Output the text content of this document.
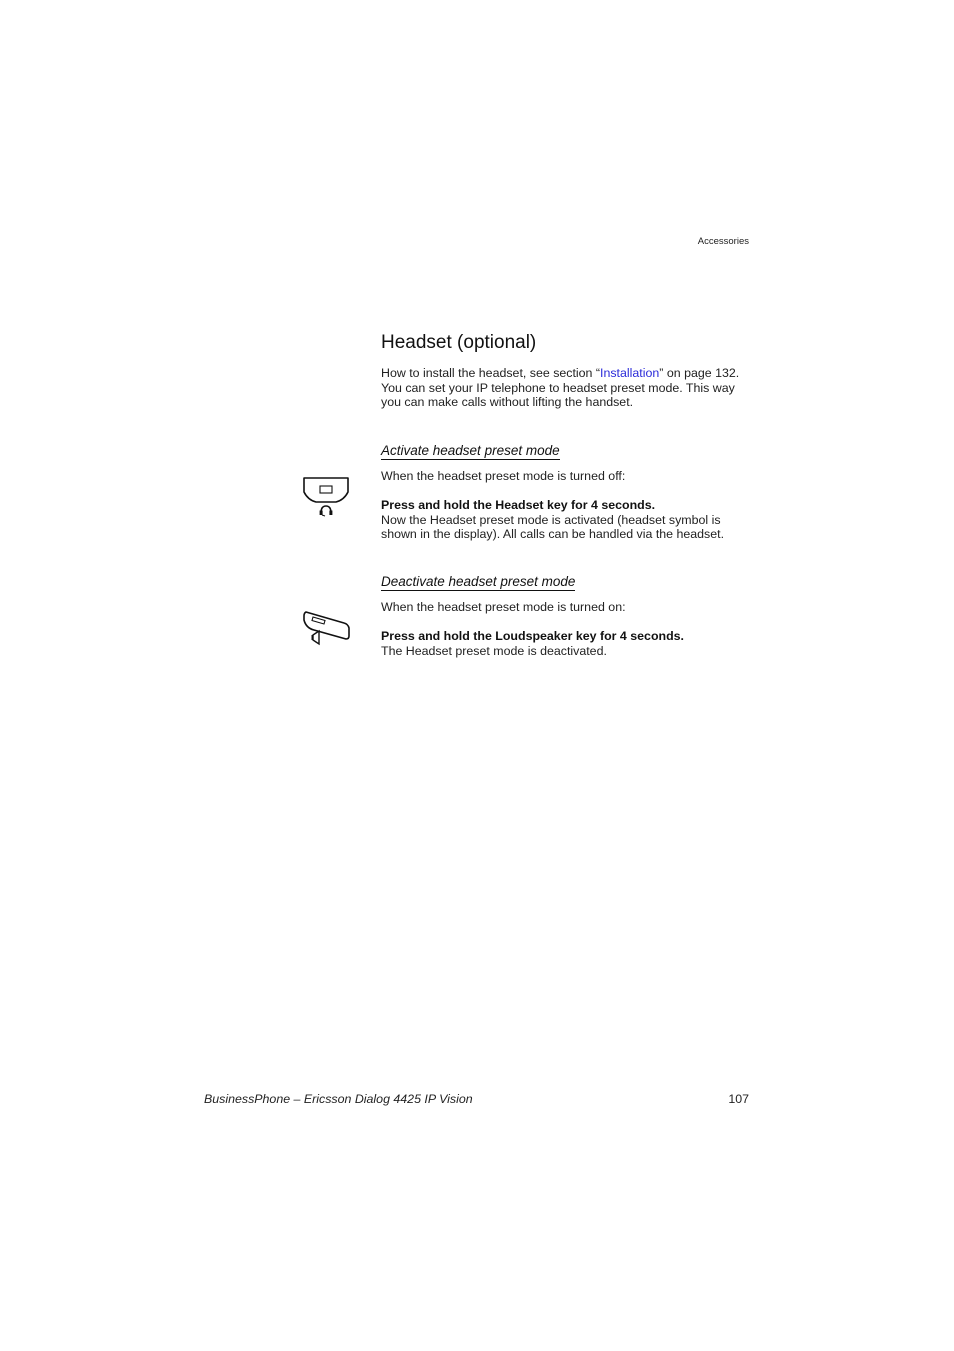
Accessories
Headset (optional)

How to install the headset, see section “Installation” on page 132. You can set your IP telephone to headset preset mode. This way you can make calls without lifting the handset.

Activate headset preset mode

When the headset preset mode is turned off:

Press and hold the Headset key for 4 seconds.
Now the Headset preset mode is activated (headset symbol is shown in the display). All calls can be handled via the headset.
Deactivate headset preset mode

When the headset preset mode is turned on:

Press and hold the Loudspeaker key for 4 seconds.
The Headset preset mode is deactivated.
BusinessPhone – Ericsson Dialog 4425 IP Vision	107
